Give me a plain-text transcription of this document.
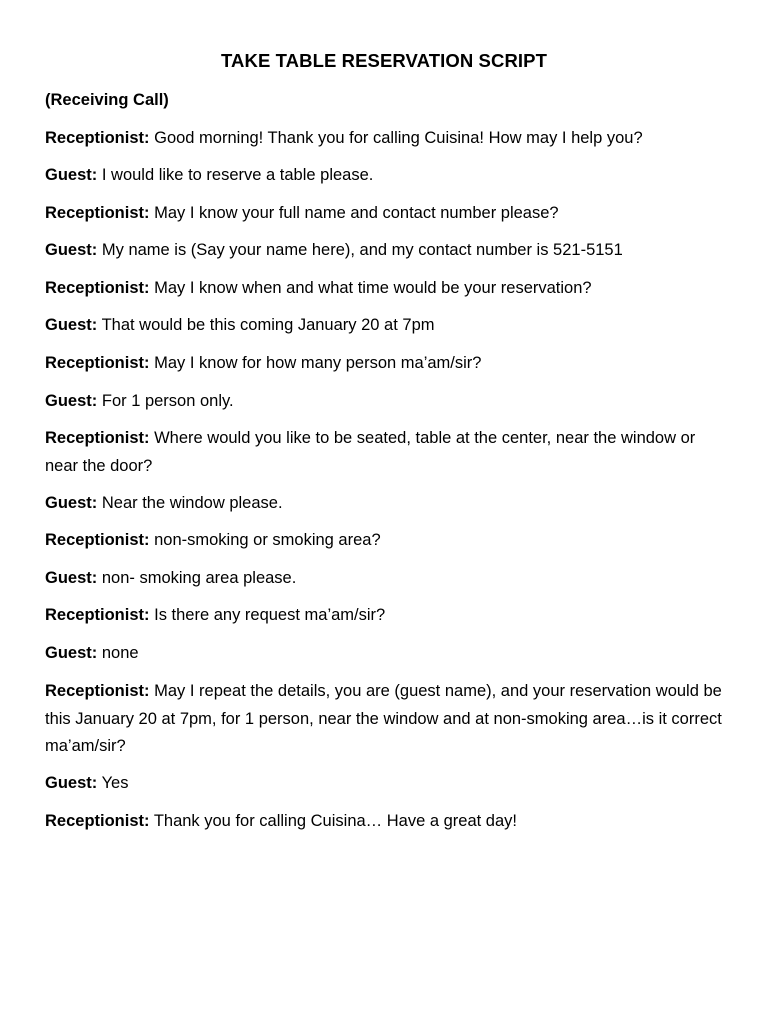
TAKE TABLE RESERVATION SCRIPT
(Receiving Call)
Receptionist: Good morning! Thank you for calling Cuisina! How may I help you?
Guest: I would like to reserve a table please.
Receptionist: May I know your full name and contact number please?
Guest: My name is (Say your name here), and my contact number is 521-5151
Receptionist: May I know when and what time would be your reservation?
Guest: That would be this coming January 20 at 7pm
Receptionist: May I know for how many person ma’am/sir?
Guest: For 1 person only.
Receptionist: Where would you like to be seated, table at the center, near the window or near the door?
Guest: Near the window please.
Receptionist: non-smoking or smoking area?
Guest: non- smoking area please.
Receptionist: Is there any request ma’am/sir?
Guest: none
Receptionist: May I repeat the details, you are (guest name), and your reservation would be this January 20 at 7pm, for 1 person, near the window and at non-smoking area…is it correct ma’am/sir?
Guest: Yes
Receptionist: Thank you for calling Cuisina… Have a great day!
